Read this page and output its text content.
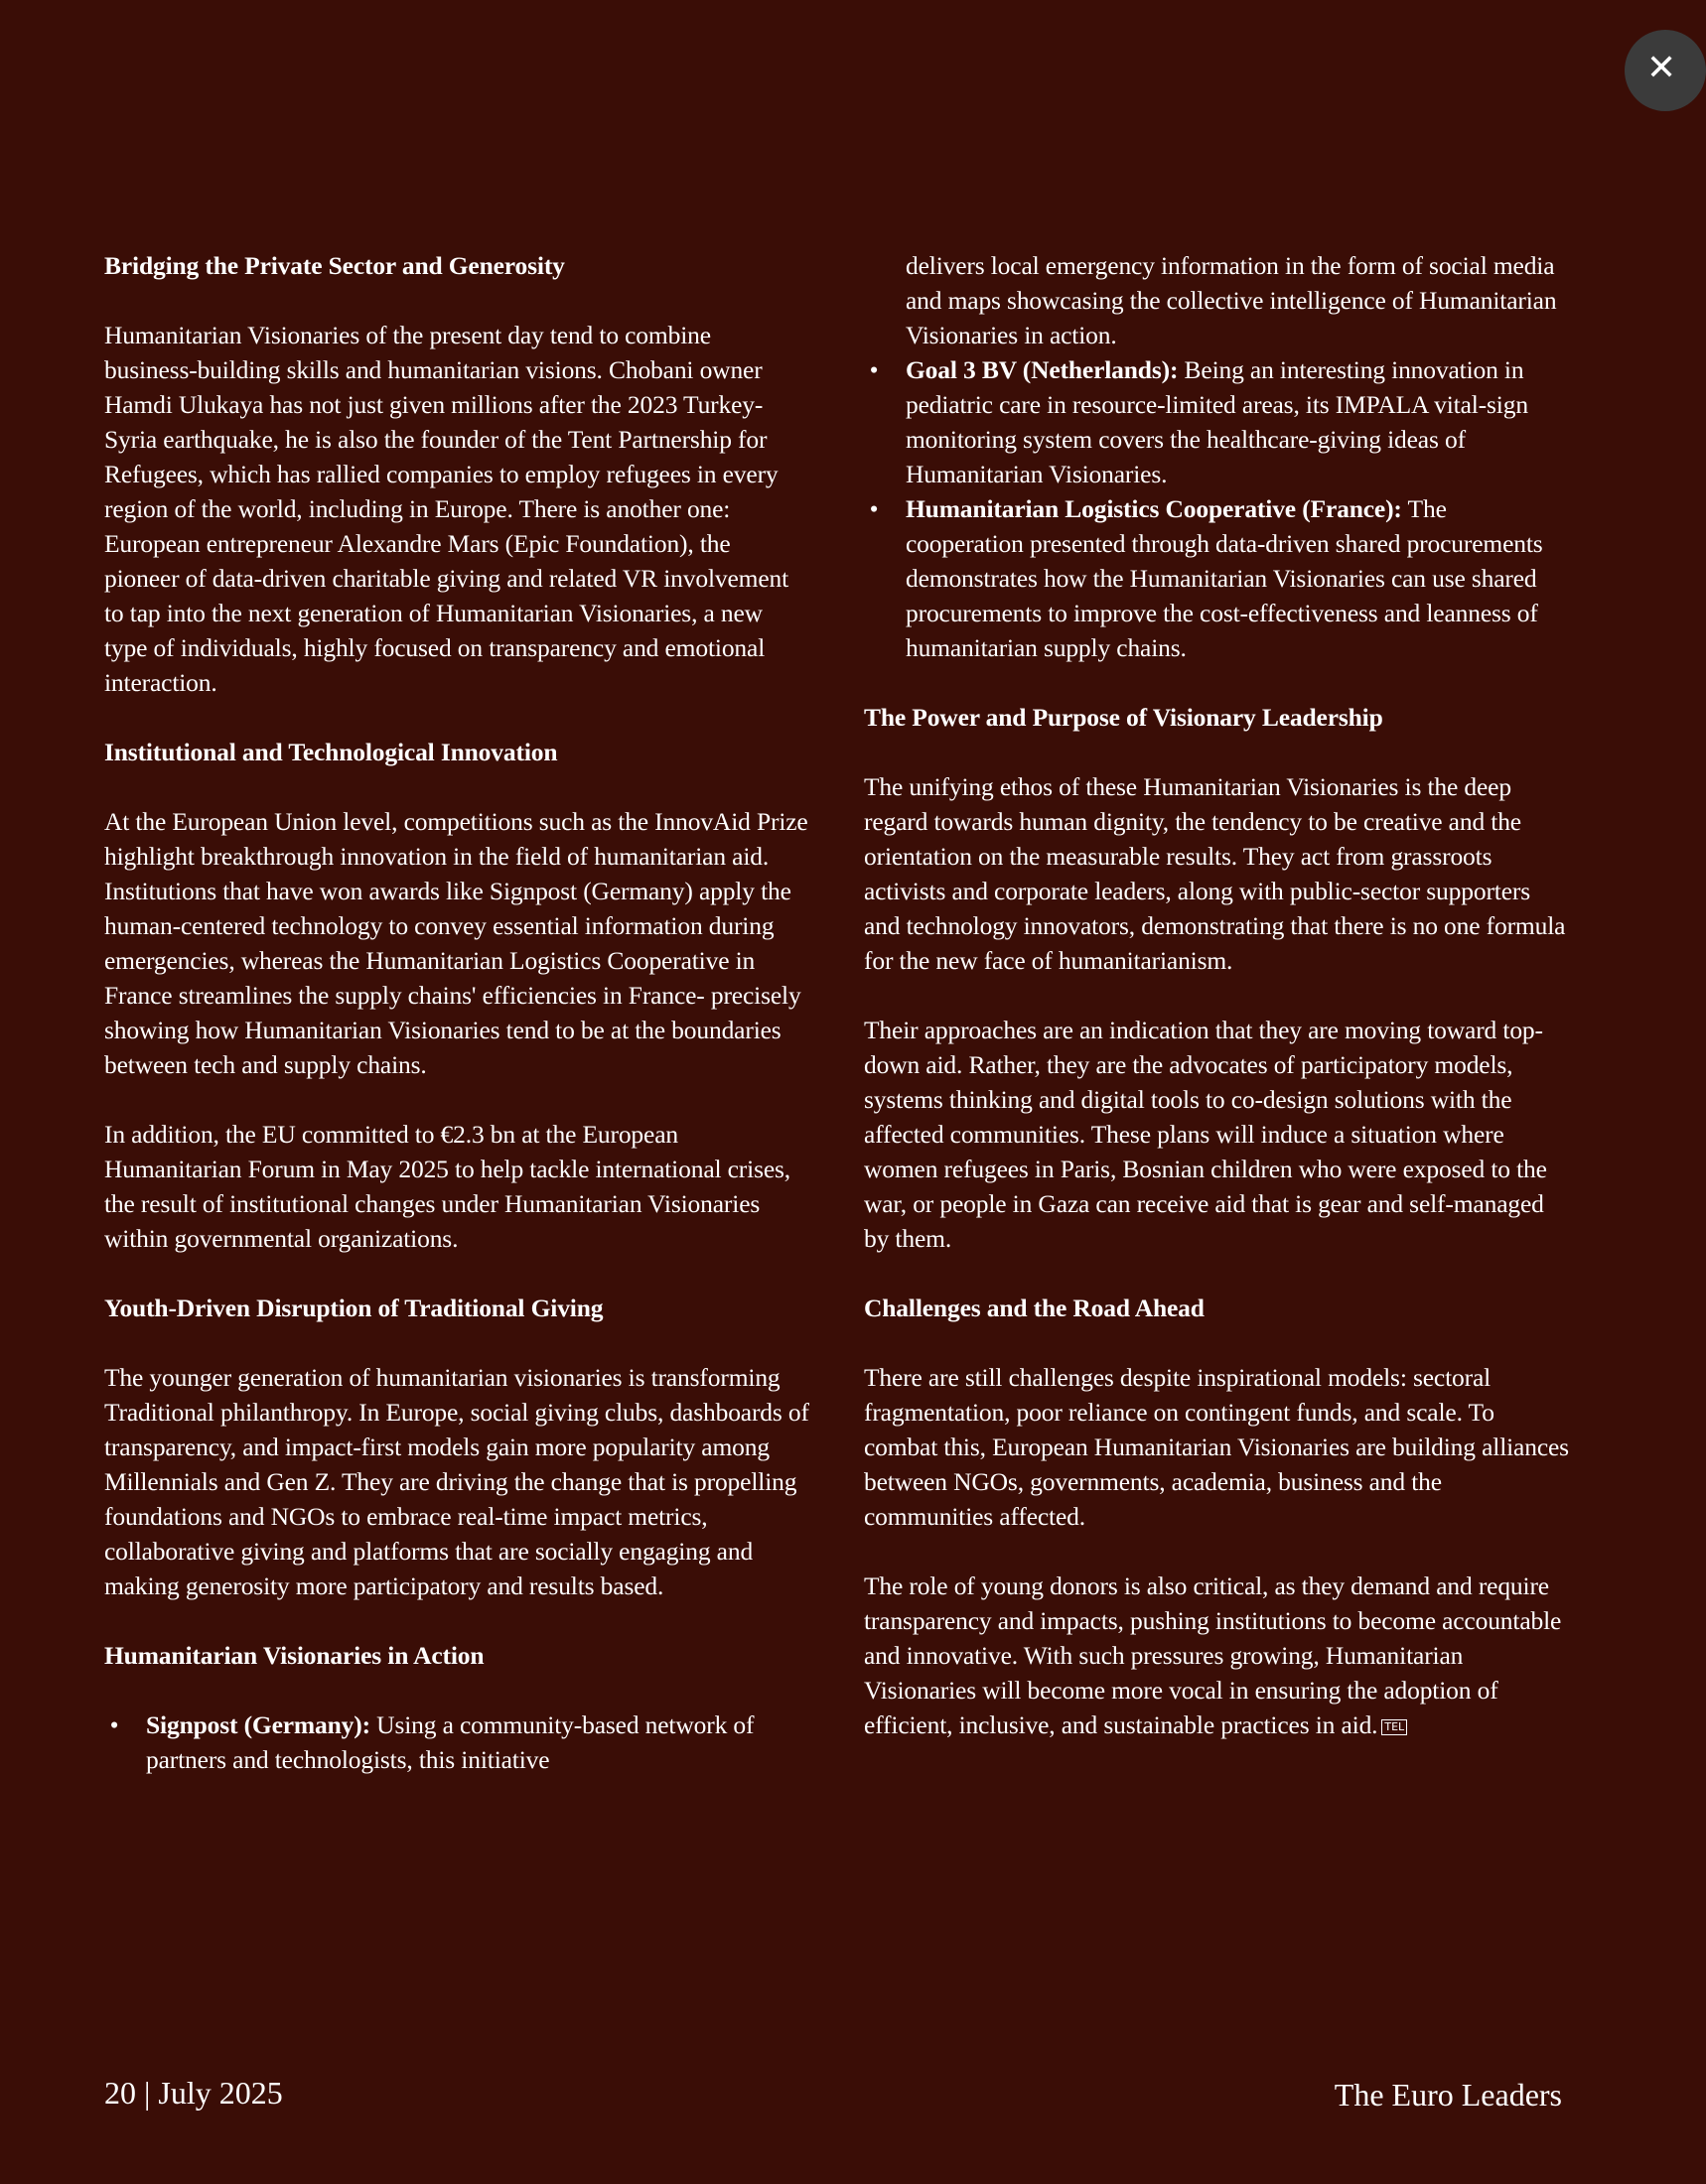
✕
Bridging the Private Sector and Generosity
Humanitarian Visionaries of the present day tend to combine business-building skills and humanitarian visions. Chobani owner Hamdi Ulukaya has not just given millions after the 2023 Turkey-Syria earthquake, he is also the founder of the Tent Partnership for Refugees, which has rallied companies to employ refugees in every region of the world, including in Europe. There is another one: European entrepreneur Alexandre Mars (Epic Foundation), the pioneer of data-driven charitable giving and related VR involvement to tap into the next generation of Humanitarian Visionaries, a new type of individuals, highly focused on transparency and emotional interaction.
Institutional and Technological Innovation
At the European Union level, competitions such as the InnovAid Prize highlight breakthrough innovation in the field of humanitarian aid. Institutions that have won awards like Signpost (Germany) apply the human-centered technology to convey essential information during emergencies, whereas the Humanitarian Logistics Cooperative in France streamlines the supply chains' efficiencies in France- precisely showing how Humanitarian Visionaries tend to be at the boundaries between tech and supply chains.
In addition, the EU committed to €2.3 bn at the European Humanitarian Forum in May 2025 to help tackle international crises, the result of institutional changes under Humanitarian Visionaries within governmental organizations.
Youth-Driven Disruption of Traditional Giving
The younger generation of humanitarian visionaries is transforming Traditional philanthropy. In Europe, social giving clubs, dashboards of transparency, and impact-first models gain more popularity among Millennials and Gen Z. They are driving the change that is propelling foundations and NGOs to embrace real-time impact metrics, collaborative giving and platforms that are socially engaging and making generosity more participatory and results based.
Humanitarian Visionaries in Action
• Signpost (Germany): Using a community-based network of partners and technologists, this initiative
delivers local emergency information in the form of social media and maps showcasing the collective intelligence of Humanitarian Visionaries in action.
• Goal 3 BV (Netherlands): Being an interesting innovation in pediatric care in resource-limited areas, its IMPALA vital-sign monitoring system covers the healthcare-giving ideas of Humanitarian Visionaries.
• Humanitarian Logistics Cooperative (France): The cooperation presented through data-driven shared procurements demonstrates how the Humanitarian Visionaries can use shared procurements to improve the cost-effectiveness and leanness of humanitarian supply chains.
The Power and Purpose of Visionary Leadership
The unifying ethos of these Humanitarian Visionaries is the deep regard towards human dignity, the tendency to be creative and the orientation on the measurable results. They act from grassroots activists and corporate leaders, along with public-sector supporters and technology innovators, demonstrating that there is no one formula for the new face of humanitarianism.
Their approaches are an indication that they are moving toward top-down aid. Rather, they are the advocates of participatory models, systems thinking and digital tools to co-design solutions with the affected communities. These plans will induce a situation where women refugees in Paris, Bosnian children who were exposed to the war, or people in Gaza can receive aid that is gear and self-managed by them.
Challenges and the Road Ahead
There are still challenges despite inspirational models: sectoral fragmentation, poor reliance on contingent funds, and scale. To combat this, European Humanitarian Visionaries are building alliances between NGOs, governments, academia, business and the communities affected.
The role of young donors is also critical, as they demand and require transparency and impacts, pushing institutions to become accountable and innovative. With such pressures growing, Humanitarian Visionaries will become more vocal in ensuring the adoption of efficient, inclusive, and sustainable practices in aid. TEL
20 | July 2025	The Euro Leaders
